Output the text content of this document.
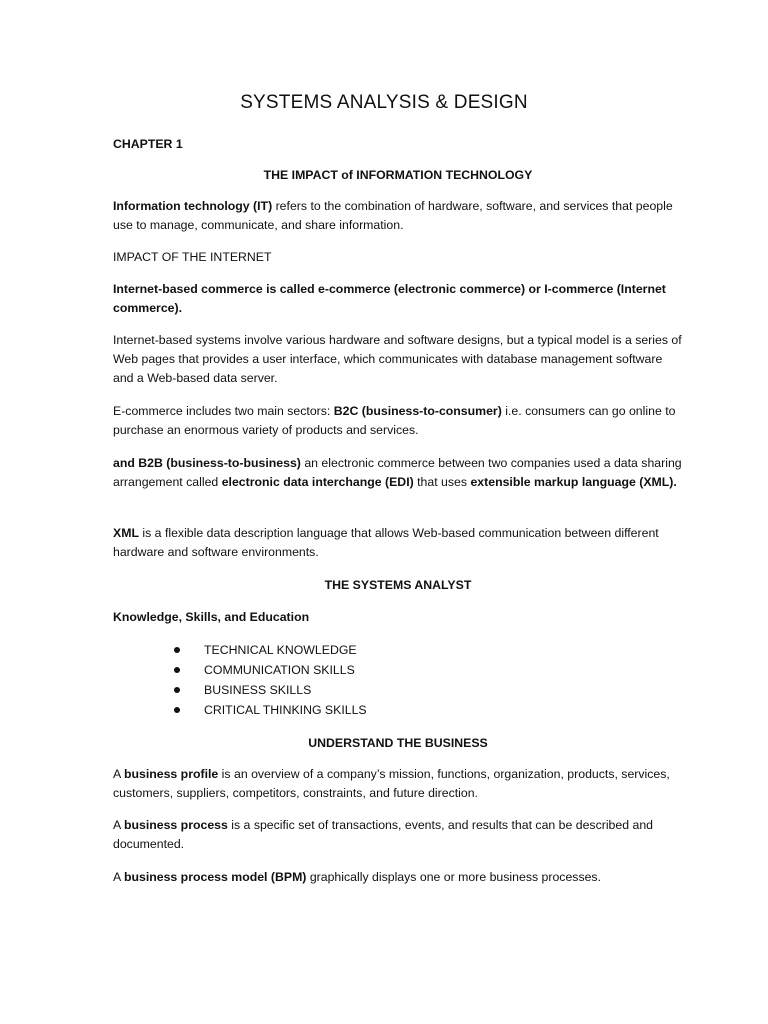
SYSTEMS ANALYSIS & DESIGN
CHAPTER 1
THE IMPACT of INFORMATION TECHNOLOGY
Information technology (IT) refers to the combination of hardware, software, and services that people use to manage, communicate, and share information.
IMPACT OF THE INTERNET
Internet-based commerce is called e-commerce (electronic commerce) or I-commerce (Internet commerce).
Internet-based systems involve various hardware and software designs, but a typical model is a series of Web pages that provides a user interface, which communicates with database management software and a Web-based data server.
E-commerce includes two main sectors: B2C (business-to-consumer) i.e. consumers can go online to purchase an enormous variety of products and services.
and B2B (business-to-business) an electronic commerce between two companies used a data sharing arrangement called electronic data interchange (EDI) that uses extensible markup language (XML).
XML is a flexible data description language that allows Web-based communication between different hardware and software environments.
THE SYSTEMS ANALYST
Knowledge, Skills, and Education
TECHNICAL KNOWLEDGE
COMMUNICATION SKILLS
BUSINESS SKILLS
CRITICAL THINKING SKILLS
UNDERSTAND THE BUSINESS
A business profile is an overview of a company’s mission, functions, organization, products, services, customers, suppliers, competitors, constraints, and future direction.
A business process is a specific set of transactions, events, and results that can be described and documented.
A business process model (BPM) graphically displays one or more business processes.
